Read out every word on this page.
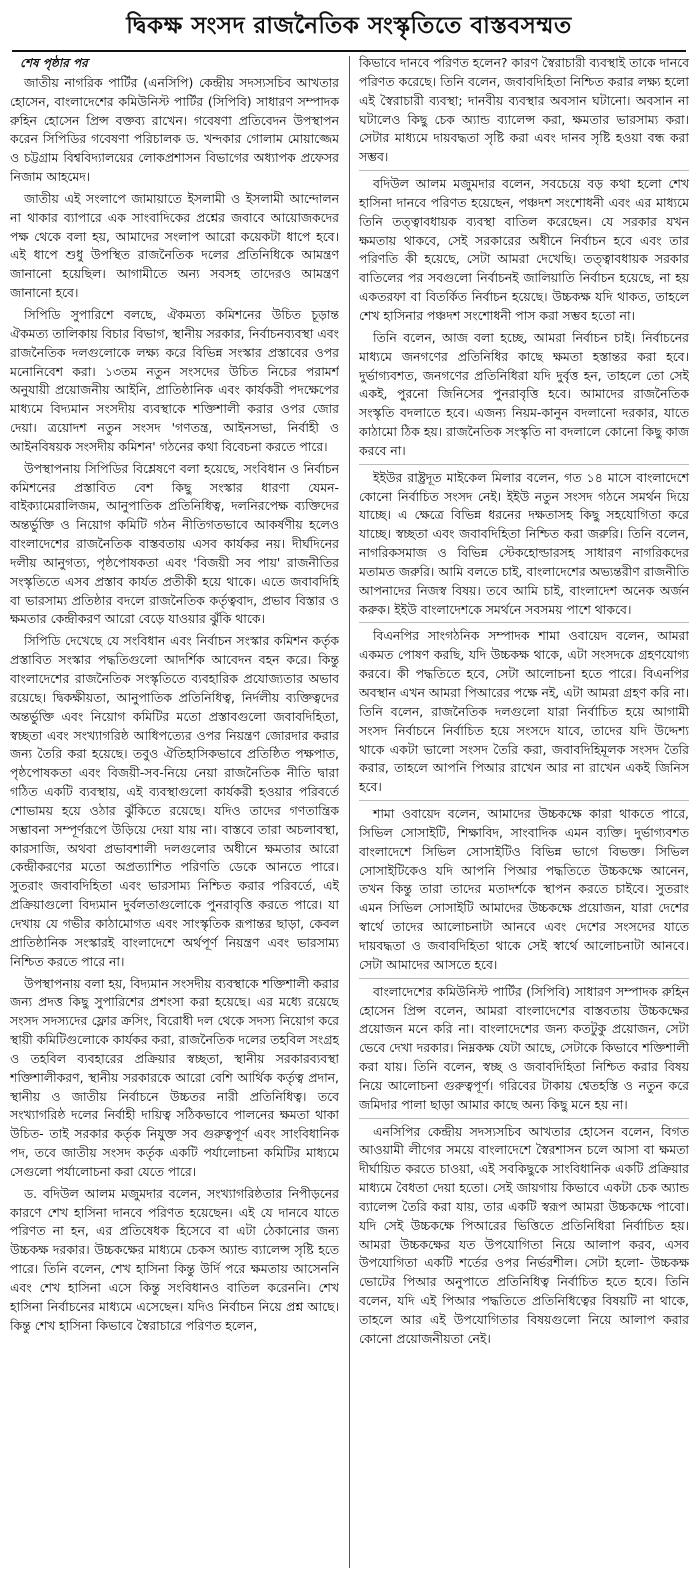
দ্বিকক্ষ সংসদ রাজনৈতিক সংস্কৃতিতে বাস্তবসম্মত
শেষ পৃষ্ঠার পর

জাতীয় নাগরিক পার্টির (এনসিপি) কেন্দ্রীয় সদস্যসচিব আখতার হোসেন, বাংলাদেশের কমিউনিস্ট পার্টির (সিপিবি) সাধারণ সম্পাদক রুহিন হোসেন প্রিন্স বক্তব্য রাখেন। গবেষণা প্রতিবেদন উপস্থাপন করেন সিপিডির গবেষণা পরিচালক ড. খন্দকার গোলাম মোয়াজ্জেম ও চট্টগ্রাম বিশ্ববিদ্যালয়ের লোকপ্রশাসন বিভাগের অধ্যাপক প্রফেসর নিজাম আহমেদ।

জাতীয় এই সংলাপে জামায়াতে ইসলামী ও ইসলামী আন্দোলন না থাকার ব্যাপারে এক সাংবাদিকের প্রশ্নের জবাবে আয়োজকদের পক্ষ থেকে বলা হয়, আমাদের সংলাপ আরো কয়েকটা ধাপে হবে। এই ধাপে শুধু উপস্থিত রাজনৈতিক দলের প্রতিনিধিকে আমন্ত্রণ জানানো হয়েছিল। আগামীতে অন্য সবসহ তাদেরও আমন্ত্রণ জানানো হবে।

সিপিডি সুপারিশে বলছে, ঐকমত্য কমিশনের উচিত চূড়ান্ত ঐকমত্য তালিকায় বিচার বিভাগ, স্থানীয় সরকার, নির্বাচনব্যবস্থা এবং রাজনৈতিক দলগুলোকে লক্ষ্য করে বিভিন্ন সংস্কার প্রস্তাবের ওপর মনোনিবেশ করা। ১৩তম নতুন সংসদের উচিত নিচের পরামর্শ অনুযায়ী প্রয়োজনীয় আইনি, প্রাতিষ্ঠানিক এবং কার্যকরী পদক্ষেপের মাধ্যমে বিদ্যমান সংসদীয় ব্যবস্থাকে শক্তিশালী করার ওপর জোর দেয়া। ত্রয়োদশ নতুন সংসদ 'গণতন্ত্র, আইনসভা, নির্বাহী ও আইনবিষয়ক সংসদীয় কমিশন' গঠনের কথা বিবেচনা করতে পারে।

উপস্থাপনায় সিপিডির বিশ্লেষণে বলা হয়েছে, সংবিধান ও নির্বাচন কমিশনের প্রস্তাবিত বেশ কিছু সংস্কার ধারণা যেমন- বাইক্যামেরালিজম, আনুপাতিক প্রতিনিধিত্ব, দলনিরপেক্ষ ব্যক্তিদের অন্তর্ভুক্তি ও নিয়োগ কমিটি গঠন নীতিগতভাবে আকর্ষণীয় হলেও বাংলাদেশের রাজনৈতিক বাস্তবতায় এসব কার্যকর নয়। দীর্ঘদিনের দলীয় আনুগত্য, পৃষ্ঠপোষকতা এবং 'বিজয়ী সব পায়' রাজনীতির সংস্কৃতিতে এসব প্রস্তাব কার্যত প্রতীকী হয়ে থাকে। এতে জবাবদিহি বা ভারসাম্য প্রতিষ্ঠার বদলে রাজনৈতিক কর্তৃত্ববাদ, প্রভাব বিস্তার ও ক্ষমতার কেন্দ্রীকরণ আরো বেড়ে যাওয়ার ঝুঁকি থাকে।

সিপিডি দেখেছে যে সংবিধান এবং নির্বাচন সংস্কার কমিশন কর্তৃক প্রস্তাবিত সংস্কার পদ্ধতিগুলো আদর্শিক আবেদন বহন করে। কিন্তু বাংলাদেশের রাজনৈতিক সংস্কৃতিতে ব্যবহারিক প্রযোজ্যতার অভাব রয়েছে। দ্বিকক্ষীয়তা, আনুপাতিক প্রতিনিধিত্ব, নির্দলীয় ব্যক্তিত্বদের অন্তর্ভুক্তি এবং নিয়োগ কমিটির মতো প্রস্তাবগুলো জবাবদিহিতা, স্বচ্ছতা এবং সংখ্যাগরিষ্ঠ আধিপত্যের ওপর নিয়ন্ত্রণ জোরদার করার জন্য তৈরি করা হয়েছে। তবুও ঐতিহাসিকভাবে প্রতিষ্ঠিত পক্ষপাত, পৃষ্ঠপোষকতা এবং বিজয়ী-সব-নিয়ে নেয়া রাজনৈতিক নীতি দ্বারা গঠিত একটি ব্যবস্থায়, এই ব্যবস্থাগুলো কার্যকরী হওয়ার পরিবর্তে শোভাময় হয়ে ওঠার ঝুঁকিতে রয়েছে। যদিও তাদের গণতান্ত্রিক সম্ভাবনা সম্পূর্ণরূপে উড়িয়ে দেয়া যায় না। বাস্তবে তারা অচলাবস্থা, কারসাজি, অথবা প্রভাবশালী দলগুলোর অধীনে ক্ষমতার আরো কেন্দ্রীকরণের মতো অপ্রত্যাশিত পরিণতি ডেকে আনতে পারে। সুতরাং জবাবদিহিতা এবং ভারসাম্য নিশ্চিত করার পরিবর্তে, এই প্রক্রিয়াগুলো বিদ্যমান দুর্বলতাগুলোকে পুনরাবৃত্তি করতে পারে। যা দেখায় যে গভীর কাঠামোগত এবং সাংস্কৃতিক রূপান্তর ছাড়া, কেবল প্রাতিষ্ঠানিক সংস্কারই বাংলাদেশে অর্থপূর্ণ নিয়ন্ত্রণ এবং ভারসাম্য নিশ্চিত করতে পারে না।

উপস্থাপনায় বলা হয়, বিদ্যমান সংসদীয় ব্যবস্থাকে শক্তিশালী করার জন্য প্রদত্ত কিছু সুপারিশের প্রশংসা করা হয়েছে। এর মধ্যে রয়েছে সংসদ সদস্যদের ফ্লোর ক্রসিং, বিরোধী দল থেকে সদস্য নিয়োগ করে স্থায়ী কমিটিগুলোকে কার্যকর করা, রাজনৈতিক দলের তহবিল সংগ্রহ ও তহবিল ব্যবহারের প্রক্রিয়ার স্বচ্ছতা, স্থানীয় সরকারব্যবস্থা শক্তিশালীকরণ, স্থানীয় সরকারকে আরো বেশি আর্থিক কর্তৃত্ব প্রদান, স্থানীয় ও জাতীয় নির্বাচনে উচ্চতর নারী প্রতিনিধিত্ব। তবে সংখ্যাগরিষ্ঠ দলের নির্বাহী দায়িত্ব সঠিকভাবে পালনের ক্ষমতা থাকা উচিত- তাই সরকার কর্তৃক নিযুক্ত সব গুরুত্বপূর্ণ এবং সাংবিধানিক পদ, তবে জাতীয় সংসদ কর্তৃক একটি পর্যালোচনা কমিটির মাধ্যমে সেগুলো পর্যালোচনা করা যেতে পারে।

ড. বদিউল আলম মজুমদার বলেন, সংখ্যাগরিষ্ঠতার নিপীড়নের কারণে শেখ হাসিনা দানবে পরিণত হয়েছেন। এই যে দানবে যাতে পরিণত না হন, এর প্রতিষেধক হিসেবে বা এটা ঠেকানোর জন্য উচ্চকক্ষ দরকার। উচ্চকক্ষের মাধ্যমে চেকস অ্যান্ড ব্যালেন্স সৃষ্টি হতে পারে। তিনি বলেন, শেখ হাসিনা কিন্তু উর্দি পরে ক্ষমতায় আসেননি এবং শেখ হাসিনা এসে কিন্তু সংবিধানও বাতিল করেননি। শেখ হাসিনা নির্বাচনের মাধ্যমে এসেছেন। যদিও নির্বাচন নিয়ে প্রশ্ন আছে। কিন্তু শেখ হাসিনা কিভাবে স্বৈরাচারে পরিণত হলেন,

কিভাবে দানবে পরিণত হলেন? কারণ স্বৈরাচারী ব্যবস্থাই তাকে দানবে পরিণত করেছে। তিনি বলেন, জবাবদিহিতা নিশ্চিত করার লক্ষ্য হলো এই স্বৈরাচারী ব্যবস্থা; দানবীয় ব্যবস্থার অবসান ঘটানো। অবসান না ঘটালেও কিছু চেক অ্যান্ড ব্যালেন্স করা, ক্ষমতার ভারসাম্য করা। সেটার মাধ্যমে দায়বদ্ধতা সৃষ্টি করা এবং দানব সৃষ্টি হওয়া বন্ধ করা সম্ভব।

বদিউল আলম মজুমদার বলেন, সবচেয়ে বড় কথা হলো শেখ হাসিনা দানবে পরিণত হয়েছেন, পঞ্চদশ সংশোধনী এবং এর মাধ্যমে তিনি তত্ত্বাবধায়ক ব্যবস্থা বাতিল করেছেন। যে সরকার যখন ক্ষমতায় থাকবে, সেই সরকারের অধীনে নির্বাচন হবে এবং তার পরিণতি কী হয়েছে, সেটা আমরা দেখেছি। তত্ত্বাবধায়ক সরকার বাতিলের পর সবগুলো নির্বাচনই জালিয়াতি নির্বাচন হয়েছে, না হয় একতরফা বা বিতর্কিত নির্বাচন হয়েছে। উচ্চকক্ষ যদি থাকত, তাহলে শেখ হাসিনার পঞ্চদশ সংশোধনী পাস করা সম্ভব হতো না।

তিনি বলেন, আজ বলা হচ্ছে, আমরা নির্বাচন চাই। নির্বাচনের মাধ্যমে জনগণের প্রতিনিধির কাছে ক্ষমতা হস্তান্তর করা হবে। দুর্ভাগ্যবশত, জনগণের প্রতিনিধিরা যদি দুর্বৃত্ত হন, তাহলে তো সেই একই, পুরনো জিনিসের পুনরাবৃত্তি হবে। আমাদের রাজনৈতিক সংস্কৃতি বদলাতে হবে। এজন্য নিয়ম-কানুন বদলানো দরকার, যাতে কাঠামো ঠিক হয়। রাজনৈতিক সংস্কৃতি না বদলালে কোনো কিছু কাজ করবে না।

ইইউর রাষ্ট্রদূত মাইকেল মিলার বলেন, গত ১৪ মাসে বাংলাদেশে কোনো নির্বাচিত সংসদ নেই। ইইউ নতুন সংসদ গঠনে সমর্থন দিয়ে যাচ্ছে। এ ক্ষেত্রে বিভিন্ন ধরনের দক্ষতাসহ কিছু সহযোগিতা করে যাচ্ছে। স্বচ্ছতা এবং জবাবদিহিতা নিশ্চিত করা জরুরি। তিনি বলেন, নাগরিকসমাজ ও বিভিন্ন স্টেকহোল্ডারসহ সাধারণ নাগরিকদের মতামত জরুরি। আমি বলতে চাই, বাংলাদেশের অভ্যন্তরীণ রাজনীতি আপনাদের নিজস্ব বিষয়। তবে আমি চাই, বাংলাদেশ অনেক অর্জন করুক। ইইউ বাংলাদেশকে সমর্থনে সবসময় পাশে থাকবে।

বিএনপির সাংগঠনিক সম্পাদক শামা ওবায়েদ বলেন, আমরা একমত পোষণ করছি, যদি উচ্চকক্ষ থাকে, এটা সংসদকে গ্রহণযোগ্য করবে। কী পদ্ধতিতে হবে, সেটা আলোচনা হতে পারে। বিএনপির অবস্থান এখন আমরা পিআরের পক্ষে নই, এটা আমরা গ্রহণ করি না। তিনি বলেন, রাজনৈতিক দলগুলো যারা নির্বাচিত হয়ে আগামী সংসদ নির্বাচনে নির্বাচিত হয়ে সংসদে যাবে, তাদের যদি উদ্দেশ্য থাকে একটা ভালো সংসদ তৈরি করা, জবাবদিহিমূলক সংসদ তৈরি করার, তাহলে আপনি পিআর রাখেন আর না রাখেন একই জিনিস হবে।

শামা ওবায়েদ বলেন, আমাদের উচ্চকক্ষে কারা থাকতে পারে, সিভিল সোসাইটি, শিক্ষাবিদ, সাংবাদিক এমন ব্যক্তি। দুর্ভাগ্যবশত বাংলাদেশে সিভিল সোসাইটিও বিভিন্ন ভাগে বিভক্ত। সিভিল সোসাইটিকেও যদি আপনি পিআর পদ্ধতিতে উচ্চকক্ষে আনেন, তখন কিন্তু তারা তাদের মতাদর্শকে স্থাপন করতে চাইবে। সুতরাং এমন সিভিল সোসাইটি আমাদের উচ্চকক্ষে প্রয়োজন, যারা দেশের স্বার্থে তাদের আলোচনাটা আনবে এবং দেশের সংসদের যাতে দায়বদ্ধতা ও জবাবদিহিতা থাকে সেই স্বার্থে আলোচনাটা আনবে। সেটা আমাদের আসতে হবে।

বাংলাদেশের কমিউনিস্ট পার্টির (সিপিবি) সাধারণ সম্পাদক রুহিন হোসেন প্রিন্স বলেন, আমরা বাংলাদেশের বাস্তবতায় উচ্চকক্ষের প্রয়োজন মনে করি না। বাংলাদেশের জন্য কতটুকু প্রয়োজন, সেটা ভেবে দেখা দরকার। নিম্নকক্ষ যেটা আছে, সেটাকে কিভাবে শক্তিশালী করা যায়। তিনি বলেন, স্বচ্ছ ও জবাবদিহিতা নিশ্চিত করার বিষয় নিয়ে আলোচনা গুরুত্বপূর্ণ। গরিবের টাকায় শ্বেতহস্তি ও নতুন করে জমিদার পালা ছাড়া আমার কাছে অন্য কিছু মনে হয় না।

এনসিপির কেন্দ্রীয় সদস্যসচিব আখতার হোসেন বলেন, বিগত আওয়ামী লীগের সময়ে বাংলাদেশে স্বৈরশাসন চলে আসা বা ক্ষমতা দীর্ঘায়িত করতে চাওয়া, এই সবকিছুকে সাংবিধানিক একটি প্রক্রিয়ার মাধ্যমে বৈধতা দেয়া হতো। সেই জায়গায় কিভাবে একটা চেক অ্যান্ড ব্যালেন্স তৈরি করা যায়, তার একটি স্বরূপ আমরা উচ্চকক্ষে পাবো। যদি সেই উচ্চকক্ষে পিআরের ভিত্তিতে প্রতিনিধিরা নির্বাচিত হয়। আমরা উচ্চকক্ষের যত উপযোগিতা নিয়ে আলাপ করব, এসব উপযোগিতা একটি শর্তের ওপর নির্ভরশীল। সেটা হলো- উচ্চকক্ষ ভোটের পিআর অনুপাতে প্রতিনিধিত্ব নির্বাচিত হতে হবে। তিনি বলেন, যদি এই পিআর পদ্ধতিতে প্রতিনিধিত্বের বিষয়টি না থাকে, তাহলে আর এই উপযোগিতার বিষয়গুলো নিয়ে আলাপ করার কোনো প্রয়োজনীয়তা নেই।
